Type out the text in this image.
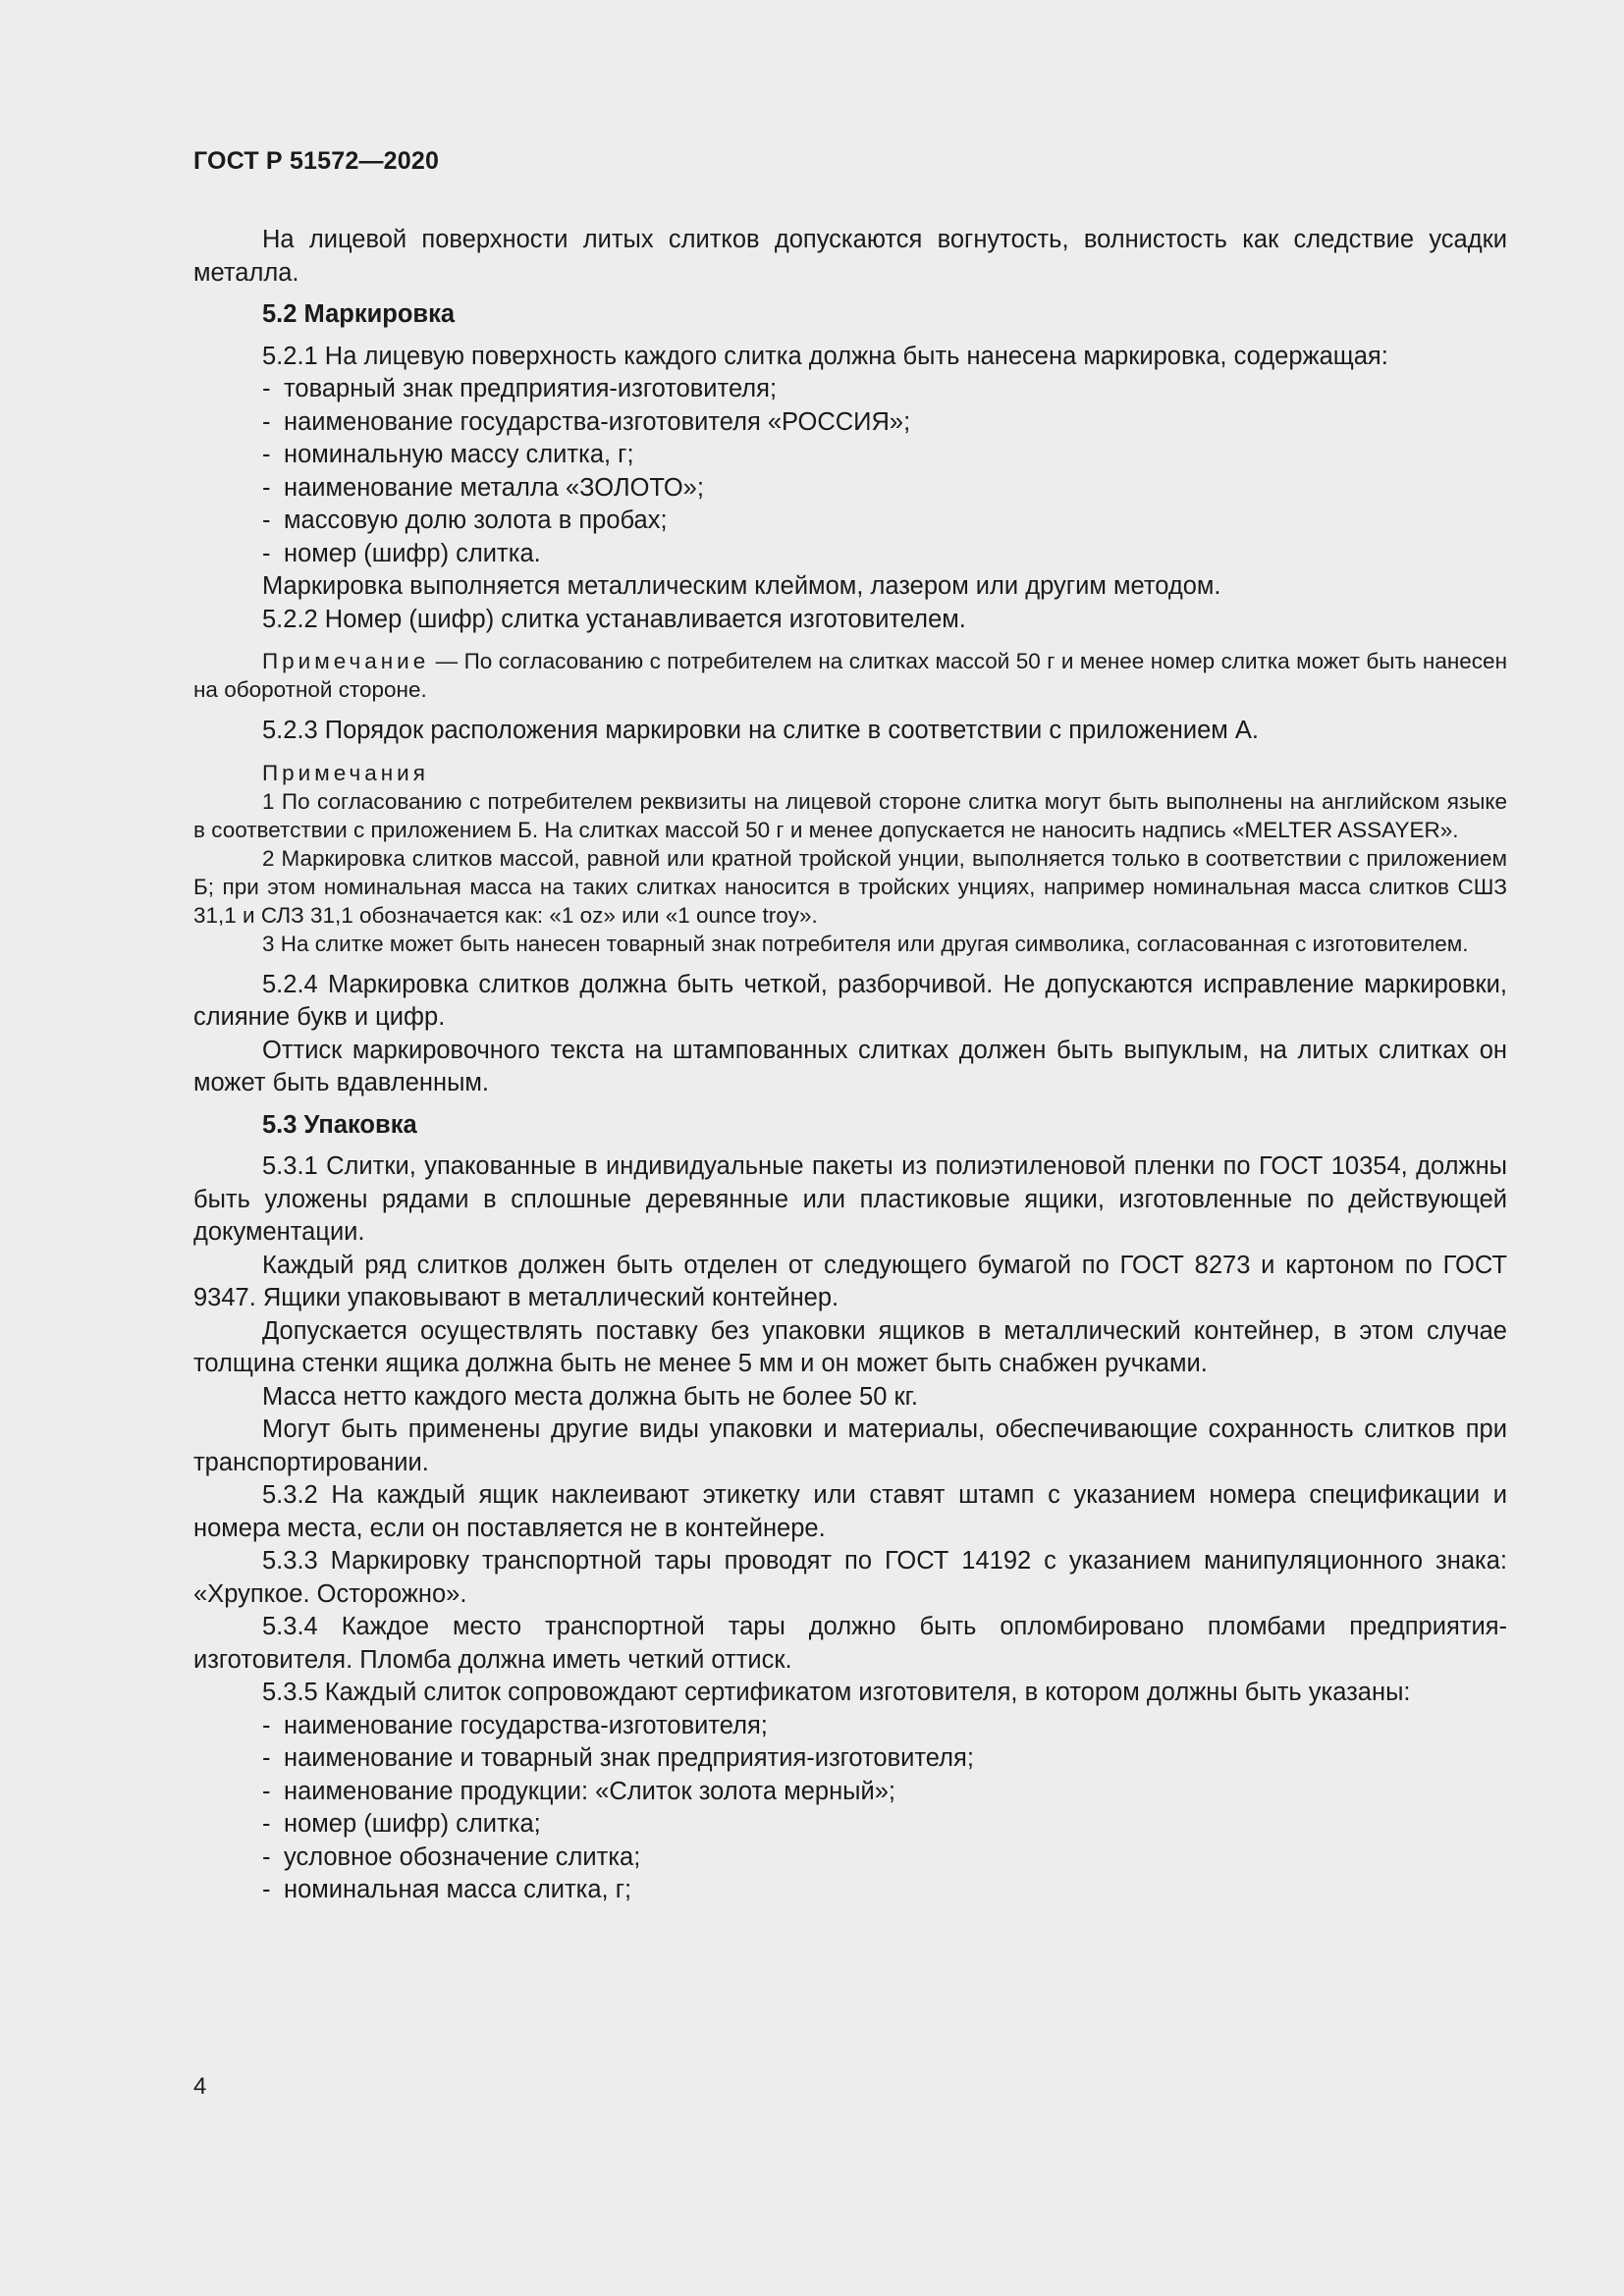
ГОСТ Р 51572—2020

На лицевой поверхности литых слитков допускаются вогнутость, волнистость как следствие усадки металла.

5.2 Маркировка

5.2.1 На лицевую поверхность каждого слитка должна быть нанесена маркировка, содержащая:

- товарный знак предприятия-изготовителя;
- наименование государства-изготовителя «РОССИЯ»;
- номинальную массу слитка, г;
- наименование металла «ЗОЛОТО»;
- массовую долю золота в пробах;
- номер (шифр) слитка.

Маркировка выполняется металлическим клеймом, лазером или другим методом.

5.2.2 Номер (шифр) слитка устанавливается изготовителем.

Примечание — По согласованию с потребителем на слитках массой 50 г и менее номер слитка может быть нанесен на оборотной стороне.

5.2.3 Порядок расположения маркировки на слитке в соответствии с приложением А.

Примечания

1 По согласованию с потребителем реквизиты на лицевой стороне слитка могут быть выполнены на английском языке в соответствии с приложением Б. На слитках массой 50 г и менее допускается не наносить надпись «MELTER ASSAYER».

2 Маркировка слитков массой, равной или кратной тройской унции, выполняется только в соответствии с приложением Б; при этом номинальная масса на таких слитках наносится в тройских унциях, например номинальная масса слитков СШЗ 31,1 и СЛЗ 31,1 обозначается как: «1 oz» или «1 ounce troy».

3 На слитке может быть нанесен товарный знак потребителя или другая символика, согласованная с изготовителем.

5.2.4 Маркировка слитков должна быть четкой, разборчивой. Не допускаются исправление маркировки, слияние букв и цифр.

Оттиск маркировочного текста на штампованных слитках должен быть выпуклым, на литых слитках он может быть вдавленным.

5.3 Упаковка

5.3.1 Слитки, упакованные в индивидуальные пакеты из полиэтиленовой пленки по ГОСТ 10354, должны быть уложены рядами в сплошные деревянные или пластиковые ящики, изготовленные по действующей документации.

Каждый ряд слитков должен быть отделен от следующего бумагой по ГОСТ 8273 и картоном по ГОСТ 9347. Ящики упаковывают в металлический контейнер.

Допускается осуществлять поставку без упаковки ящиков в металлический контейнер, в этом случае толщина стенки ящика должна быть не менее 5 мм и он может быть снабжен ручками.

Масса нетто каждого места должна быть не более 50 кг.

Могут быть применены другие виды упаковки и материалы, обеспечивающие сохранность слитков при транспортировании.

5.3.2 На каждый ящик наклеивают этикетку или ставят штамп с указанием номера спецификации и номера места, если он поставляется не в контейнере.

5.3.3 Маркировку транспортной тары проводят по ГОСТ 14192 с указанием манипуляционного знака: «Хрупкое. Осторожно».

5.3.4 Каждое место транспортной тары должно быть опломбировано пломбами предприятия-изготовителя. Пломба должна иметь четкий оттиск.

5.3.5 Каждый слиток сопровождают сертификатом изготовителя, в котором должны быть указаны:

- наименование государства-изготовителя;
- наименование и товарный знак предприятия-изготовителя;
- наименование продукции: «Слиток золота мерный»;
- номер (шифр) слитка;
- условное обозначение слитка;
- номинальная масса слитка, г;
4
